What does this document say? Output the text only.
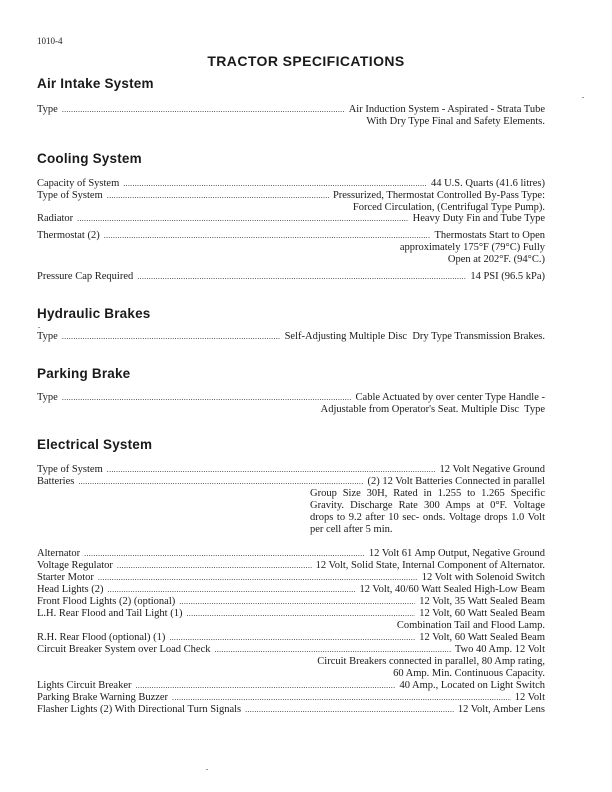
1010-4
TRACTOR SPECIFICATIONS
Air Intake System
Type .....	Air Induction System - Aspirated - Strata Tube
With Dry Type Final and Safety Elements.
Cooling System
Capacity of System .....	44 U.S. Quarts (41.6 litres)
Type of System .....	Pressurized, Thermostat Controlled By-Pass Type:
Forced Circulation, (Centrifugal Type Pump).
Radiator .....	Heavy Duty Fin and Tube Type
Thermostat (2) .....	Thermostats Start to Open
approximately 175°F (79°C) Fully
Open at 202°F. (94°C.)
Pressure Cap Required .....	14 PSI (96.5 kPa)
Hydraulic Brakes
Type .....	Self-Adjusting Multiple Disc  Dry Type Transmission Brakes.
Parking Brake
Type .....	Cable Actuated by over center Type Handle -
Adjustable from Operator's Seat. Multiple Disc  Type
Electrical System
Type of System .....	12 Volt Negative Ground
Batteries .....	(2) 12 Volt Batteries Connected in parallel
Group Size 30H, Rated in 1.255 to 1.265 Specific Gravity. Discharge Rate 300 Amps at 0°F. Voltage drops to 9.2 after 10 sec- onds. Voltage drops 1.0 Volt per cell after 5 min.
Alternator .....	12 Volt 61 Amp Output, Negative Ground
Voltage Regulator .....	12 Volt, Solid State, Internal Component of Alternator.
Starter Motor .....	12 Volt with Solenoid Switch
Head Lights (2) .....	12 Volt, 40/60 Watt Sealed High-Low Beam
Front Flood Lights (2) (optional) .....	12 Volt, 35 Watt Sealed Beam
L.H. Rear Flood and Tail Light (1) .....	12 Volt, 60 Watt Sealed Beam
Combination Tail and Flood Lamp.
R.H. Rear Flood (optional) (1) .....	12 Volt, 60 Watt Sealed Beam
Circuit Breaker System over Load Check .....	Two 40 Amp. 12 Volt
Circuit Breakers connected in parallel, 80 Amp rating,
60 Amp. Min. Continuous Capacity.
Lights Circuit Breaker .....	40 Amp., Located on Light Switch
Parking Brake Warning Buzzer .....	12 Volt
Flasher Lights (2) With Directional Turn Signals .....	12 Volt, Amber Lens
